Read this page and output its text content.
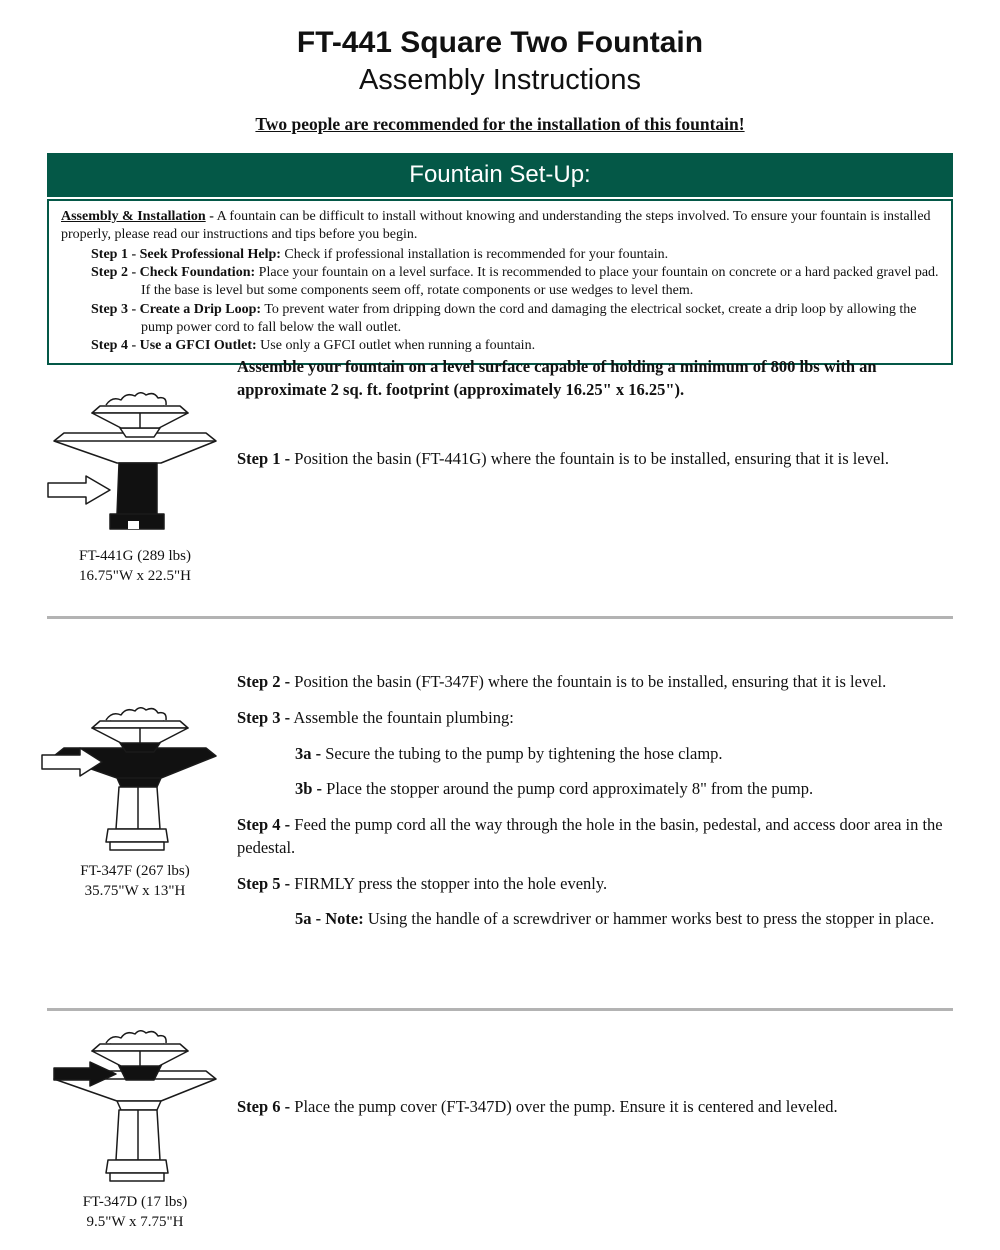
FT-441 Square Two Fountain
Assembly Instructions
Two people are recommended for the installation of this fountain!
Fountain Set-Up:

Assembly & Installation - A fountain can be difficult to install without knowing and understanding the steps involved. To ensure your fountain is installed properly, please read our instructions and tips before you begin.

Step 1 - Seek Professional Help: Check if professional installation is recommended for your fountain.

Step 2 - Check Foundation: Place your fountain on a level surface. It is recommended to place your fountain on concrete or a hard packed gravel pad. If the base is level but some components seem off, rotate components or use wedges to level them.

Step 3 - Create a Drip Loop: To prevent water from dripping down the cord and damaging the electrical socket, create a drip loop by allowing the pump power cord to fall below the wall outlet.

Step 4 - Use a GFCI Outlet: Use only a GFCI outlet when running a fountain.

FT-441G (289 lbs)
16.75"W x 22.5"H

Assemble your fountain on a level surface capable of holding a minimum of 800 lbs with an approximate 2 sq. ft. footprint (approximately 16.25" x 16.25").

Step 1 - Position the basin (FT-441G) where the fountain is to be installed, ensuring that it is level.

FT-347F (267 lbs)
35.75"W x 13"H

Step 2 - Position the basin (FT-347F) where the fountain is to be installed, ensuring that it is level.

Step 3 - Assemble the fountain plumbing:

3a - Secure the tubing to the pump by tightening the hose clamp.

3b - Place the stopper around the pump cord approximately 8" from the pump.

Step 4 - Feed the pump cord all the way through the hole in the basin, pedestal, and access door area in the pedestal.

Step 5 - FIRMLY press the stopper into the hole evenly.

5a - Note: Using the handle of a screwdriver or hammer works best to press the stopper in place.

FT-347D (17 lbs)
9.5"W x 7.75"H

Step 6 - Place the pump cover (FT-347D) over the pump. Ensure it is centered and leveled.
